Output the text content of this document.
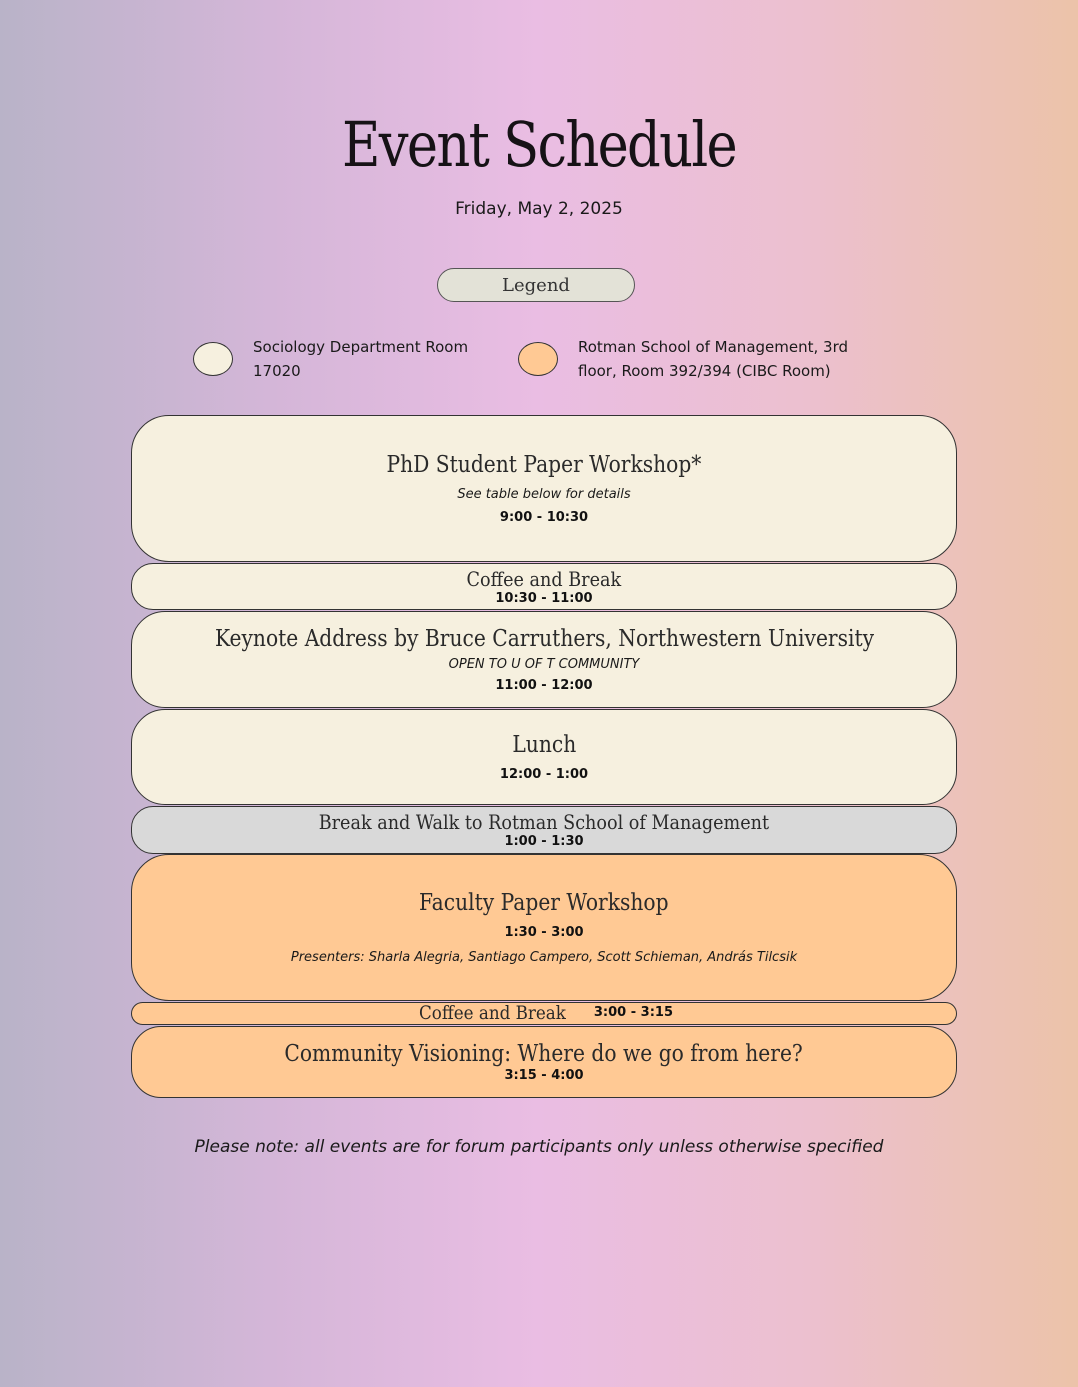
Event Schedule
Friday, May 2, 2025
Legend
Sociology Department Room
17020
Rotman School of Management, 3rd
floor, Room 392/394 (CIBC Room)
PhD Student Paper Workshop*
See table below for details
9:00 - 10:30
Coffee and Break
10:30 - 11:00
Keynote Address by Bruce Carruthers, Northwestern University
OPEN TO U OF T COMMUNITY
11:00 - 12:00
Lunch
12:00 - 1:00
Break and Walk to Rotman School of Management
1:00 - 1:30
Faculty Paper Workshop
1:30 - 3:00
Presenters: Sharla Alegria, Santiago Campero, Scott Schieman, András Tilcsik
Coffee and Break 3:00 - 3:15
Community Visioning: Where do we go from here?
3:15 - 4:00
Please note: all events are for forum participants only unless otherwise specified
